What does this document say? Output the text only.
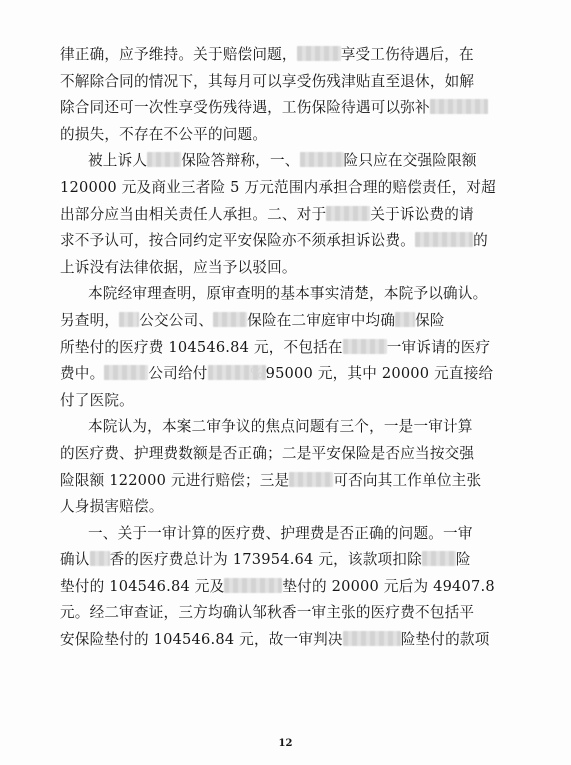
律正确，应予维持。关于赔偿问题，	享受工伤待遇后，在
不解除合同的情况下，其每月可以享受伤残津贴直至退休，如解
除合同还可一次性享受伤残待遇，工伤保险待遇可以弥补
的损失，不存在不公平的问题。
被上诉人 保险答辩称，一、	险只应在交强险限额
120000 元及商业三者险 5 万元范围内承担合理的赔偿责任，对超
出部分应当由相关责任人承担。二、对于	关于诉讼费的请
求不予认可，按合同约定平安保险亦不须承担诉讼费。	的
上诉没有法律依据，应当予以驳回。
本院经审理查明，原审查明的基本事实清楚，本院予以确认。
另查明， 公交公司、 保险在二审庭审中均确 保险
所垫付的医疗费 104546.84 元，不包括在	一审诉请的医疗
费中。	公司给付	95000 元，其中 20000 元直接给
付了医院。
本院认为，本案二审争议的焦点问题有三个，一是一审计算
的医疗费、护理费数额是否正确；二是平安保险是否应当按交强
险限额 122000 元进行赔偿；三是	可否向其工作单位主张
人身损害赔偿。
一、关于一审计算的医疗费、护理费是否正确的问题。一审
确认 香的医疗费总计为 173954.64 元，该款项扣除 险
垫付的 104546.84 元及	垫付的 20000 元后为 49407.8
元。经二审查证，三方均确认邹秋香一审主张的医疗费不包括平
安保险垫付的 104546.84 元，故一审判决	险垫付的款项
%
12
